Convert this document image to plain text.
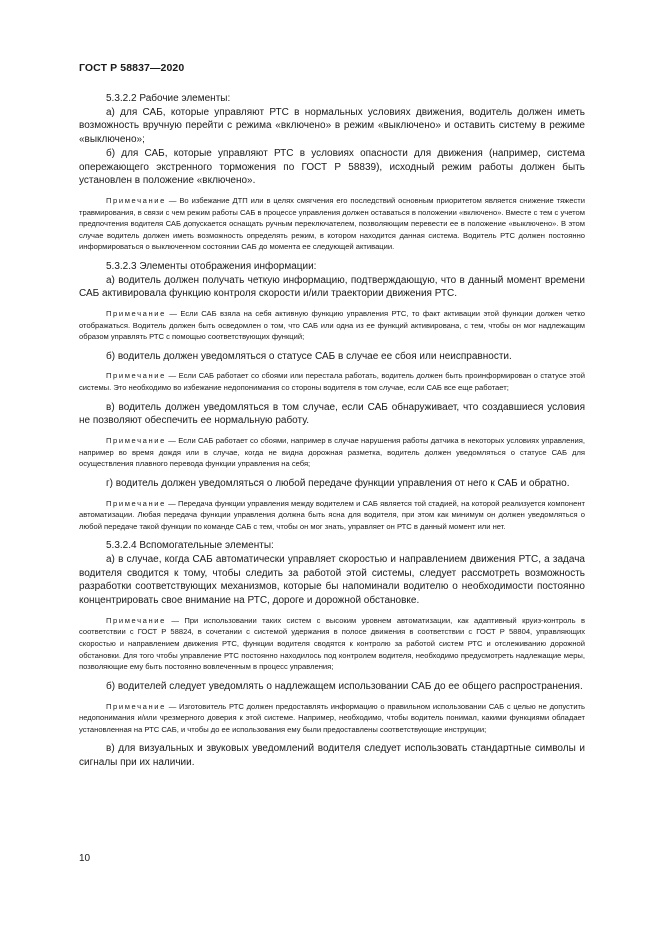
ГОСТ Р 58837—2020

5.3.2.2 Рабочие элементы:

а) для САБ, которые управляют РТС в нормальных условиях движения, водитель должен иметь возможность вручную перейти с режима «включено» в режим «выключено» и оставить систему в режиме «выключено»;

б) для САБ, которые управляют РТС в условиях опасности для движения (например, система опережающего экстренного торможения по ГОСТ Р 58839), исходный режим работы должен быть установлен в положение «включено».

Примечание — Во избежание ДТП или в целях смягчения его последствий основным приоритетом является снижение тяжести травмирования, в связи с чем режим работы САБ в процессе управления должен оставаться в положении «включено». Вместе с тем с учетом предпочтения водителя САБ допускается оснащать ручным переключателем, позволяющим перевести ее в положение «выключено». В этом случае водитель должен иметь возможность определять режим, в котором находится данная система. Водитель РТС должен постоянно информироваться о выключенном состоянии САБ до момента ее следующей активации.

5.3.2.3 Элементы отображения информации:

а) водитель должен получать четкую информацию, подтверждающую, что в данный момент времени САБ активировала функцию контроля скорости и/или траектории движения РТС.

Примечание — Если САБ взяла на себя активную функцию управления РТС, то факт активации этой функции должен четко отображаться. Водитель должен быть осведомлен о том, что САБ или одна из ее функций активирована, с тем, чтобы он мог надлежащим образом управлять РТС с помощью соответствующих функций;

б) водитель должен уведомляться о статусе САБ в случае ее сбоя или неисправности.

Примечание — Если САБ работает со сбоями или перестала работать, водитель должен быть проинформирован о статусе этой системы. Это необходимо во избежание недопонимания со стороны водителя в том случае, если САБ все еще работает;

в) водитель должен уведомляться в том случае, если САБ обнаруживает, что создавшиеся условия не позволяют обеспечить ее нормальную работу.

Примечание — Если САБ работает со сбоями, например в случае нарушения работы датчика в некоторых условиях управления, например во время дождя или в случае, когда не видна дорожная разметка, водитель должен уведомляться о статусе САБ для осуществления плавного перевода функции управления на себя;

г) водитель должен уведомляться о любой передаче функции управления от него к САБ и обратно.

Примечание — Передача функции управления между водителем и САБ является той стадией, на которой реализуется компонент автоматизации. Любая передача функции управления должна быть ясна для водителя, при этом как минимум он должен уведомляться о любой передаче такой функции по команде САБ с тем, чтобы он мог знать, управляет он РТС в данный момент или нет.

5.3.2.4 Вспомогательные элементы:

а) в случае, когда САБ автоматически управляет скоростью и направлением движения РТС, а задача водителя сводится к тому, чтобы следить за работой этой системы, следует рассмотреть возможность разработки соответствующих механизмов, которые бы напоминали водителю о необходимости постоянно концентрировать свое внимание на РТС, дороге и дорожной обстановке.

Примечание — При использовании таких систем с высоким уровнем автоматизации, как адаптивный круиз-контроль в соответствии с ГОСТ Р 58824, в сочетании с системой удержания в полосе движения в соответствии с ГОСТ Р 58804, управляющих скоростью и направлением движения РТС, функции водителя сводятся к контролю за работой систем РТС и отслеживанию дорожной обстановки. Для того чтобы управление РТС постоянно находилось под контролем водителя, необходимо предусмотреть надлежащие меры, позволяющие ему быть постоянно вовлеченным в процесс управления;

б) водителей следует уведомлять о надлежащем использовании САБ до ее общего распространения.

Примечание — Изготовитель РТС должен предоставлять информацию о правильном использовании САБ с целью не допустить недопонимания и/или чрезмерного доверия к этой системе. Например, необходимо, чтобы водитель понимал, какими функциями обладает установленная на РТС САБ, и чтобы до ее использования ему были предоставлены соответствующие инструкции;

в) для визуальных и звуковых уведомлений водителя следует использовать стандартные символы и сигналы при их наличии.

10
